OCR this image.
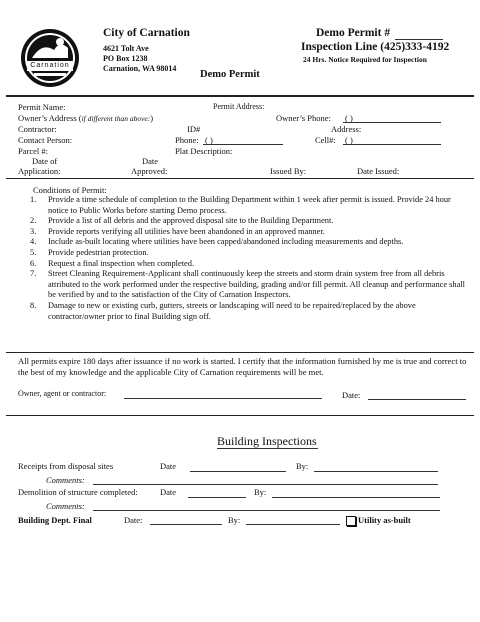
Carnation
City of Carnation
4621 Tolt Ave
PO Box 1238
Carnation, WA 98014
Demo Permit
Demo Permit #
Inspection Line (425)333-4192
24 Hrs. Notice Required for Inspection
Permit Name:	Permit Address:
Owner’s Address (if different than above:)	Owner’s Phone: ( )
Contractor:	ID#	Address:
Contact Person:	Phone: ( )	Cell#: ( )
Parcel #:	Plat Description:
Date of	Date
Application:	Approved:	Issued By:	Date Issued:
Conditions of Permit:
1.	Provide a time schedule of completion to the Building Department within 1 week after permit is issued. Provide 24 hour notice to Public Works before starting Demo process.
2.	Provide a list of all debris and the approved disposal site to the Building Department.
3.	Provide reports verifying all utilities have been abandoned in an approved manner.
4.	Include as-built locating where utilities have been capped/abandoned including measurements and depths.
5.	Provide pedestrian protection.
6.	Request a final inspection when completed.
7.	Street Cleaning Requirement-Applicant shall continuously keep the streets and storm drain system free from all debris attributed to the work performed under the respective building, grading and/or fill permit. All cleanup and performance shall be verified by and to the satisfaction of the City of Carnation Inspectors.
8.	Damage to new or existing curb, gutters, streets or landscaping will need to be repaired/replaced by the above contractor/owner prior to final Building sign off.
All permits expire 180 days after issuance if no work is started. I certify that the information furnished by me is true and correct to the best of my knowledge and the applicable City of Carnation requirements will be met.
Owner, agent or contractor:	Date:
Building Inspections
Receipts from disposal sites	Date	By:
Comments:
Demolition of structure completed:	Date	By:
Comments:
Building Dept. Final	Date:	By:	Utility as-built
